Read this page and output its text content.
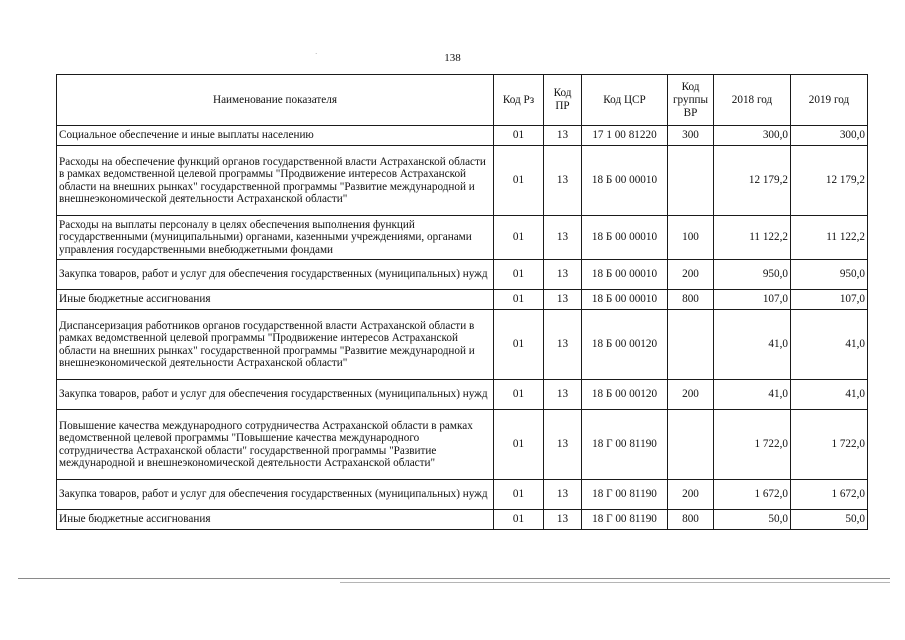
138
·
Наименование показателя	Код Рз	Код ПР	Код ЦСР	Код группы ВР	2018 год	2019 год
Социальное обеспечение и иные выплаты населению	01	13	17 1 00 81220	300	300,0	300,0
Расходы на обеспечение функций органов государственной власти Астраханской области в рамках ведомственной целевой программы "Продвижение интересов Астраханской области на внешних рынках" государственной программы "Развитие международной и внешнеэкономической деятельности Астраханской области"	01	13	18 Б 00 00010		12 179,2	12 179,2
Расходы на выплаты персоналу в целях обеспечения выполнения функций государственными (муниципальными) органами, казенными учреждениями, органами управления государственными внебюджетными фондами	01	13	18 Б 00 00010	100	11 122,2	11 122,2
Закупка товаров, работ и услуг для обеспечения государственных (муниципальных) нужд	01	13	18 Б 00 00010	200	950,0	950,0
Иные бюджетные ассигнования	01	13	18 Б 00 00010	800	107,0	107,0
Диспансеризация работников органов государственной власти Астраханской области в рамках ведомственной целевой программы "Продвижение интересов Астраханской области на внешних рынках" государственной программы "Развитие международной и внешнеэкономической деятельности Астраханской области"	01	13	18 Б 00 00120		41,0	41,0
Закупка товаров, работ и услуг для обеспечения государственных (муниципальных) нужд	01	13	18 Б 00 00120	200	41,0	41,0
Повышение качества международного сотрудничества Астраханской области в рамках ведомственной целевой программы "Повышение качества международного сотрудничества Астраханской области" государственной программы "Развитие международной и внешнеэкономической деятельности Астраханской области"	01	13	18 Г 00 81190		1 722,0	1 722,0
Закупка товаров, работ и услуг для обеспечения государственных (муниципальных) нужд	01	13	18 Г 00 81190	200	1 672,0	1 672,0
Иные бюджетные ассигнования	01	13	18 Г 00 81190	800	50,0	50,0
